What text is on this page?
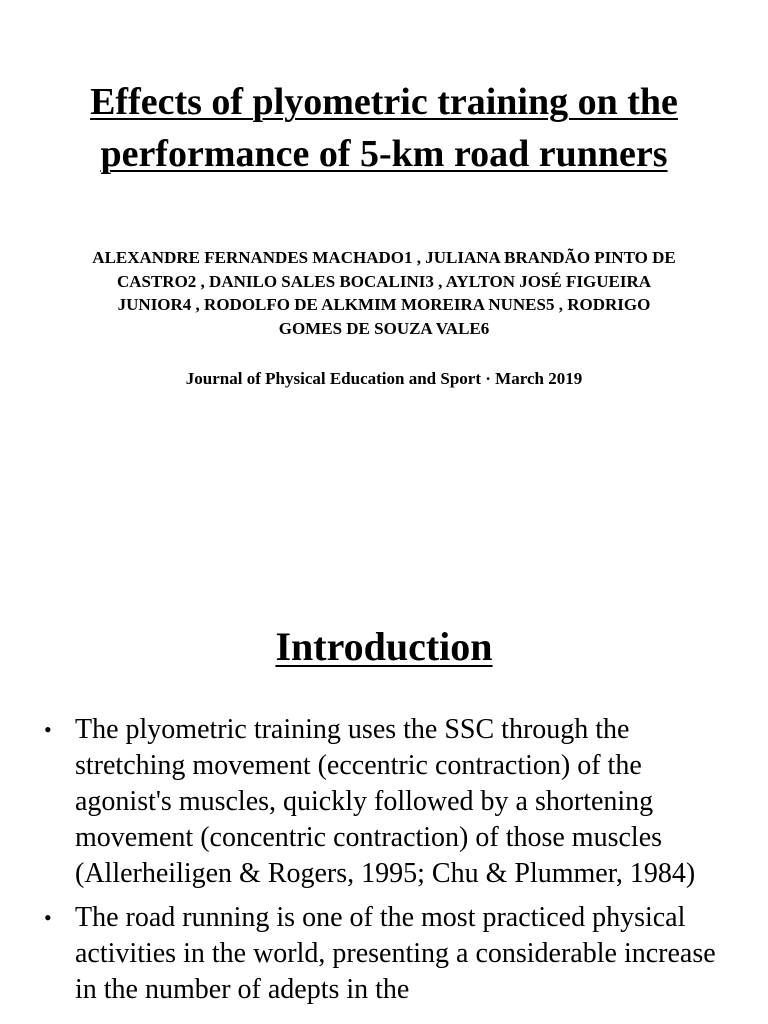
Effects of plyometric training on the performance of 5-km road runners

ALEXANDRE FERNANDES MACHADO1 , JULIANA BRANDÃO PINTO DE CASTRO2 , DANILO SALES BOCALINI3 , AYLTON JOSÉ FIGUEIRA JUNIOR4 , RODOLFO DE ALKMIM MOREIRA NUNES5 , RODRIGO GOMES DE SOUZA VALE6

Journal of Physical Education and Sport · March 2019

Introduction
• The plyometric training uses the SSC through the stretching movement (eccentric contraction) of the agonist's muscles, quickly followed by a shortening movement (concentric contraction) of those muscles (Allerheiligen & Rogers, 1995; Chu & Plummer, 1984)
• The road running is one of the most practiced physical activities in the world, presenting a considerable increase in the number of adepts in the
